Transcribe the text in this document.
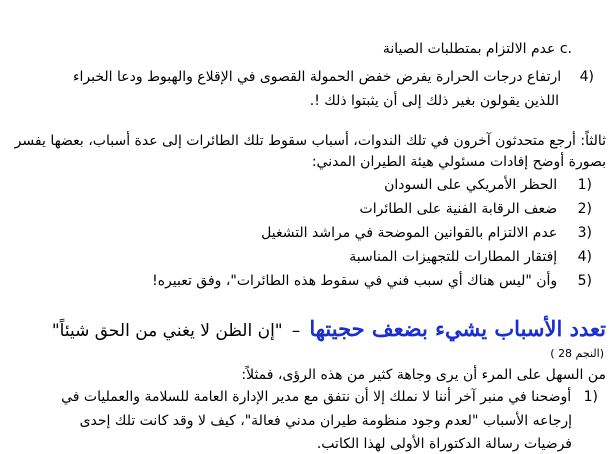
c. عدم الالتزام بمتطلبات الصيانة
4) ارتفاع درجات الحرارة يفرض خفض الحمولة القصوى في الإقلاع والهبوط ودعا الخبراء
اللذين يقولون بغير ذلك إلى أن يثبتوا ذلك !.
ثالثاً: أرجع متحدثون آخرون في تلك الندوات، أسباب سقوط تلك الطائرات إلى عدة أسباب، بعضها يفسر
بصورة أوضح إفادات مسئولي هيئة الطيران المدني:
1) الحظر الأمريكي على السودان
2) ضعف الرقابة الفنية على الطائرات
3) عدم الالتزام بالقوانين الموضحة في مراشد التشغيل
4) إفتقار المطارات للتجهيزات المناسبة
5) وأن "ليس هناك أي سبب فني في سقوط هذه الطائرات"، وفق تعبيره!
تعدد الأسباب يشيء بضعف حجيتها – "إن الظن لا يغني من الحق شيئاً"
(النجم 28 )
من السهل على المرء أن يرى وجاهة كثير من هذه الرؤى، فمثلاً:
1) أوضحنا في منبر آخر أننا لا نملك إلا أن نتفق مع مدير الإدارة العامة للسلامة والعمليات في
إرجاعه الأسباب "لعدم وجود منظومة طيران مدني فعالة"، كيف لا وقد كانت تلك إحدى
فرضيات رسالة الدكتوراة الأولى لهذا الكاتب.
